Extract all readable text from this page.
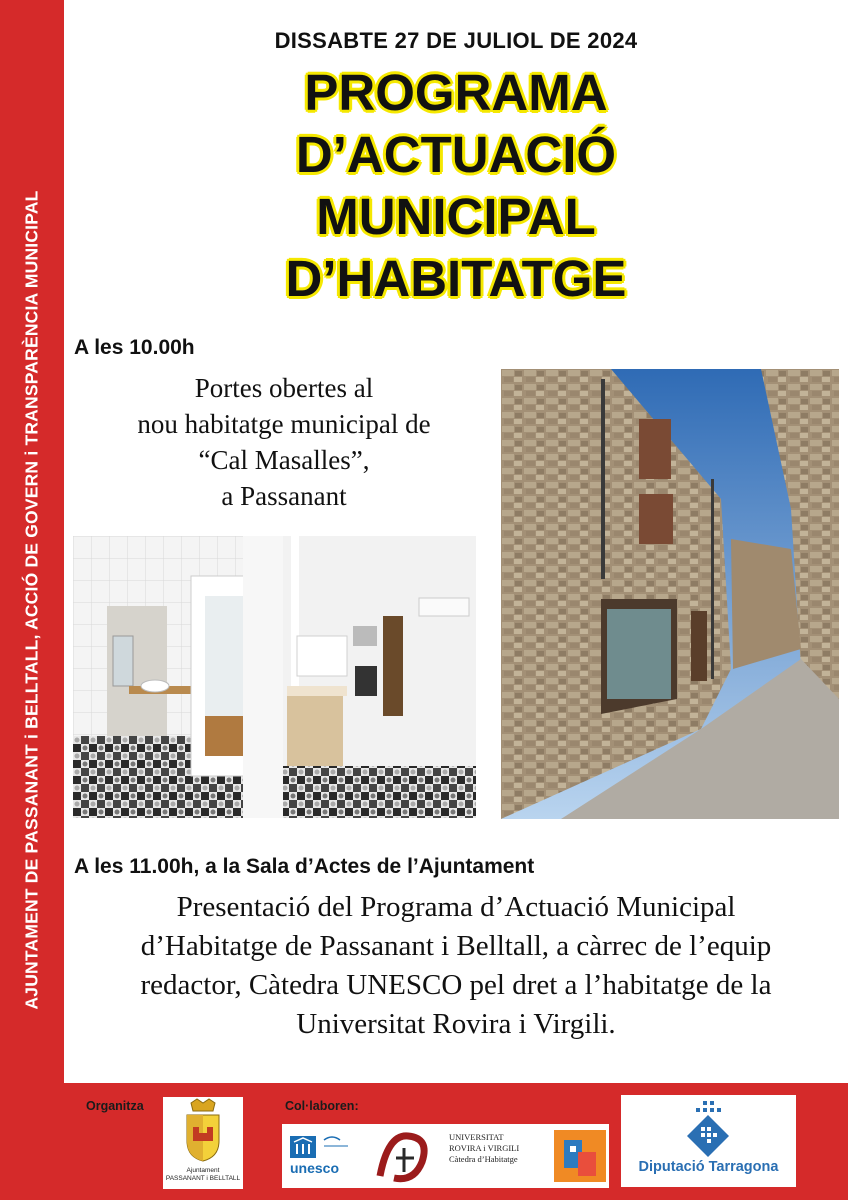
AJUNTAMENT DE PASSANANT i BELLTALL, ACCIÓ DE GOVERN i TRANSPARÈNCIA MUNICIPAL
DISSABTE 27 DE JULIOL DE 2024
PROGRAMA
D’ACTUACIÓ
MUNICIPAL
D’HABITATGE
A les 10.00h
Portes obertes al
nou habitatge municipal de
“Cal Masalles”,
a Passanant
A les 11.00h, a la Sala d’Actes de l’Ajuntament
Presentació del Programa d’Actuació Municipal
d’Habitatge de Passanant i Belltall, a càrrec de l’equip
redactor, Càtedra UNESCO pel dret a l’habitatge de la
Universitat Rovira i Virgili.
Organitza	Col·laboren:
Ajuntament
PASSANANT i BELLTALL
unesco
UNIVERSITAT
ROVIRA i VIRGILI
Càtedra d’Habitatge	Diputació Tarragona
